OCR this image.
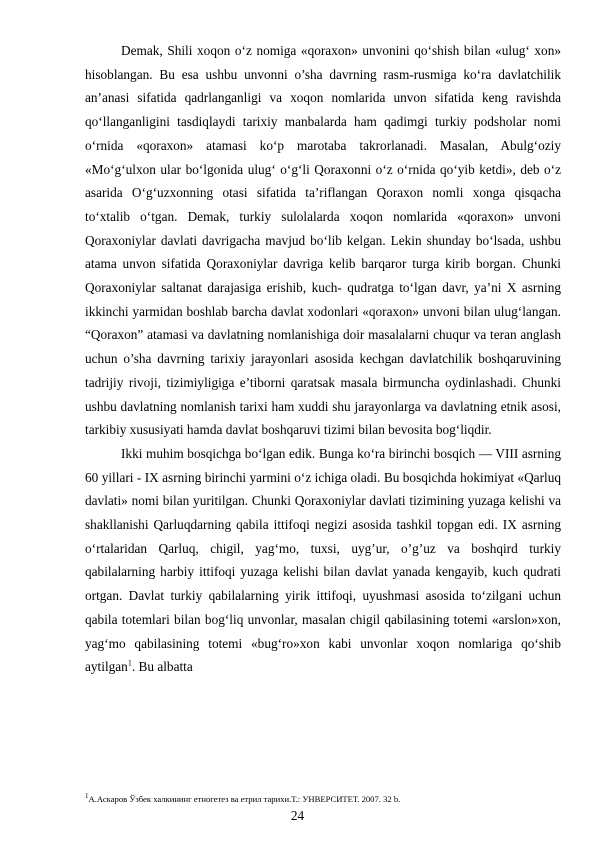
Demak, Shili xoqon o‘z nomiga «qoraxon» unvonini qo‘shish bilan «ulug‘ xon» hisoblangan. Bu esa ushbu unvonni o’sha davrning rasm-rusmiga ko‘ra davlatchilik an’anasi sifatida qadrlanganligi va xoqon nomlarida unvon sifatida keng ravishda qo‘llanganligini tasdiqlaydi tarixiy manbalarda ham qadimgi turkiy podsholar nomi o‘rnida «qoraxon» atamasi ko‘p marotaba takrorlanadi. Masalan, Abulg‘oziy «Mo‘g‘ulxon ular bo‘lgonida ulug‘ o‘g‘li Qoraxonni o‘z o‘rnida qo‘yib ketdi», deb o‘z asarida O‘g‘uzxonning otasi sifatida ta’riflangan Qoraxon nomli xonga qisqacha to‘xtalib o‘tgan. Demak, turkiy sulolalarda xoqon nomlarida «qoraxon» unvoni Qoraxoniylar davlati davrigacha mavjud bo‘lib kelgan. Lekin shunday bo‘lsada, ushbu atama unvon sifatida Qoraxoniylar davriga kelib barqaror turga kirib borgan. Chunki Qoraxoniylar saltanat darajasiga erishib, kuch- qudratga to‘lgan davr, ya’ni X asrning ikkinchi yarmidan boshlab barcha davlat xodonlari «qoraxon» unvoni bilan ulug‘langan. “Qoraxon” atamasi va davlatning nomlanishiga doir masalalarni chuqur va teran anglash uchun o’sha davrning tarixiy jarayonlari asosida kechgan davlatchilik boshqaruvining tadrijiy rivoji, tizimiyligiga e’tiborni qaratsak masala birmuncha oydinlashadi. Chunki ushbu davlatning nomlanish tarixi ham xuddi shu jarayonlarga va davlatning etnik asosi, tarkibiy xususiyati hamda davlat boshqaruvi tizimi bilan bevosita bog‘liqdir.

Ikki muhim bosqichga bo‘lgan edik. Bunga ko‘ra birinchi bosqich — VIII asrning 60 yillari - IX asrning birinchi yarmini o‘z ichiga oladi. Bu bosqichda hokimiyat «Qarluq davlati» nomi bilan yuritilgan. Chunki Qoraxoniylar davlati tizimining yuzaga kelishi va shakllanishi Qarluqdarning qabila ittifoqi negizi asosida tashkil topgan edi. IX asrning o‘rtalaridan Qarluq, chigil, yag‘mo, tuxsi, uyg’ur, o’g’uz va boshqird turkiy qabilalarning harbiy ittifoqi yuzaga kelishi bilan davlat yanada kengayib, kuch qudrati ortgan. Davlat turkiy qabilalarning yirik ittifoqi, uyushmasi asosida to‘zilgani uchun qabila totemlari bilan bog‘liq unvonlar, masalan chigil qabilasining totemi «arslon»xon, yag‘mo qabilasining totemi «bug‘ro»xon kabi unvonlar xoqon nomlariga qo‘shib aytilgan$^1$. Bu albatta

$^1$А.Аскаров Ўзбек халкининг етногетез ва етрил тарихи.Т.: УНВЕРСИТЕТ. 2007. 32 b.
24
